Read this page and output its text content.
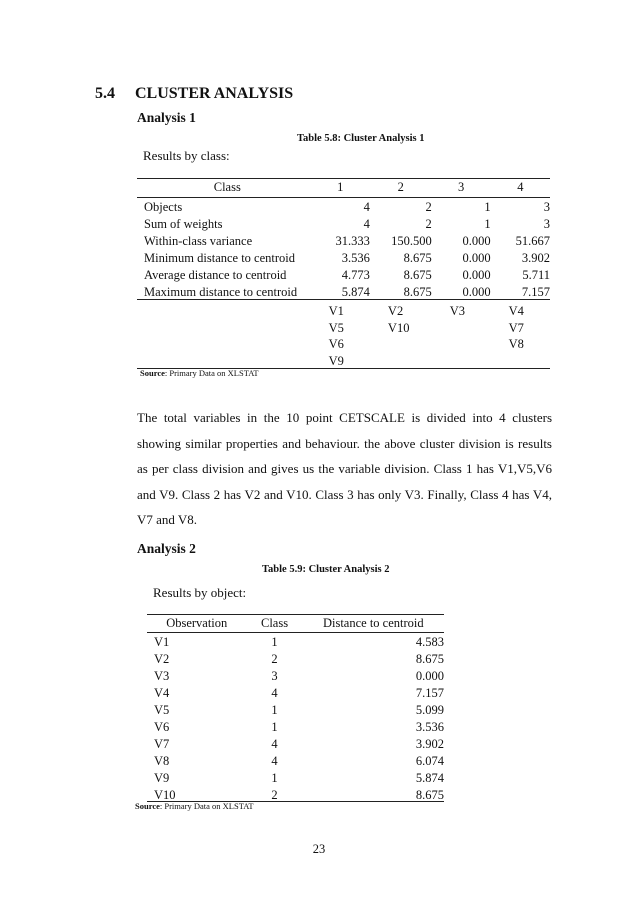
5.4 CLUSTER ANALYSIS
Analysis 1
Table 5.8: Cluster Analysis 1
Results by class:
Class	1	2	3	4
Objects	4	2	1	3
Sum of weights	4	2	1	3
Within-class variance	31.333	150.500	0.000	51.667
Minimum distance to centroid	3.536	8.675	0.000	3.902
Average distance to centroid	4.773	8.675	0.000	5.711
Maximum distance to centroid	5.874	8.675	0.000	7.157
	V1	V2	V3	V4
	V5	V10		V7
	V6			V8
	V9			
Source: Primary Data on XLSTAT
The total variables in the 10 point CETSCALE is divided into 4 clusters showing similar properties and behaviour. the above cluster division is results as per class division and gives us the variable division. Class 1 has V1,V5,V6 and V9. Class 2 has V2 and V10. Class 3 has only V3. Finally, Class 4 has V4, V7 and V8.
Analysis 2
Table 5.9: Cluster Analysis 2
Results by object:
Observation	Class	Distance to centroid
V1	1	4.583
V2	2	8.675
V3	3	0.000
V4	4	7.157
V5	1	5.099
V6	1	3.536
V7	4	3.902
V8	4	6.074
V9	1	5.874
V10	2	8.675
Source: Primary Data on XLSTAT
23
